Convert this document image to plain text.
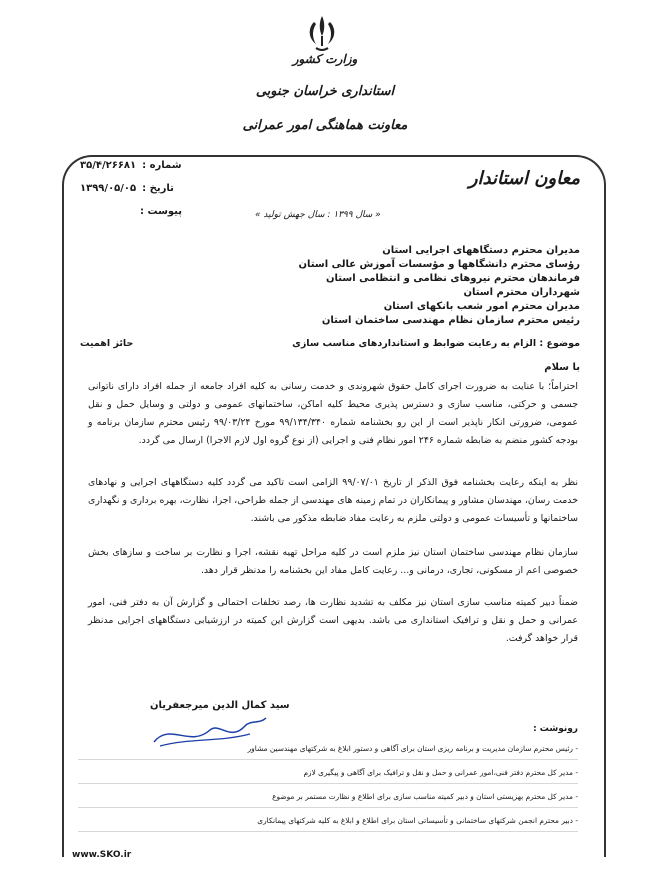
وزارت کشور
استانداری خراسان جنوبی
معاونت هماهنگی امور عمرانی
معاون استاندار
شماره :
۳۵/۴/۲۶۶۸۱
تاریخ :
۱۳۹۹/۰۵/۰۵
پیوست :	« سال ۱۳۹۹ : سال جهش تولید »
مدیران محترم دستگاههای اجرایی استان
رؤسای محترم دانشگاهها و مؤسسات آموزش عالی استان
فرماندهان محترم نیروهای نظامی و انتظامی استان
شهرداران محترم استان
مدیران محترم امور شعب بانکهای استان
رئیس محترم سازمان نظام مهندسی ساختمان استان
موضوع : الزام به رعایت ضوابط و استانداردهای مناسب سازی
حائز اهمیت
با سلام
احتراماً؛ با عنایت به ضرورت اجرای کامل حقوق شهروندی و خدمت رسانی به کلیه افراد جامعه از جمله افراد دارای ناتوانی جسمی و حرکتی، مناسب سازی و دسترس پذیری محیط کلیه اماکن، ساختمانهای عمومی و دولتی و وسایل حمل و نقل عمومی، ضرورتی انکار ناپذیر است از این رو بخشنامه شماره ۹۹/۱۳۴/۳۴۰ مورخ ۹۹/۰۳/۲۴ رئیس محترم سازمان برنامه و بودجه کشور منضم به ضابطه شماره ۲۴۶ امور نظام فنی و اجرایی (از نوع گروه اول لازم الاجرا) ارسال می گردد.
نظر به اینکه رعایت بخشنامه فوق الذکر از تاریخ ۹۹/۰۷/۰۱ الزامی است تاکید می گردد کلیه دستگاههای اجرایی و نهادهای خدمت رسان، مهندسان مشاور و پیمانکاران در تمام زمینه های مهندسی از جمله طراحی، اجرا، نظارت، بهره برداری و نگهداری ساختمانها و تأسیسات عمومی و دولتی ملزم به رعایت مفاد ضابطه مذکور می باشند.
سازمان نظام مهندسی ساختمان استان نیز ملزم است در کلیه مراحل تهیه نقشه، اجرا و نظارت بر ساخت و سازهای بخش خصوصی اعم از مسکونی، تجاری، درمانی و... رعایت کامل مفاد این بخشنامه را مدنظر قرار دهد.
ضمناً دبیر کمیته مناسب سازی استان نیز مکلف به تشدید نظارت ها، رصد تخلفات احتمالی و گزارش آن به دفتر فنی، امور عمرانی و حمل و نقل و ترافیک استانداری می باشد. بدیهی است گزارش این کمیته در ارزشیابی دستگاههای اجرایی مدنظر قرار خواهد گرفت.
سید کمال الدین میرجعفریان
رونوشت :
- رئیس محترم سازمان مدیریت و برنامه ریزی استان برای آگاهی و دستور ابلاغ به شرکتهای مهندسین مشاور
- مدیر کل محترم دفتر فنی،امور عمرانی و حمل و نقل و ترافیک برای آگاهی و پیگیری لازم
- مدیر کل محترم بهزیستی استان و دبیر کمیته مناسب سازی برای اطلاع و نظارت مستمر بر موضوع
- دبیر محترم انجمن شرکتهای ساختمانی و تأسیساتی استان برای اطلاع و ابلاغ به کلیه شرکتهای پیمانکاری
www.SKO.ir
